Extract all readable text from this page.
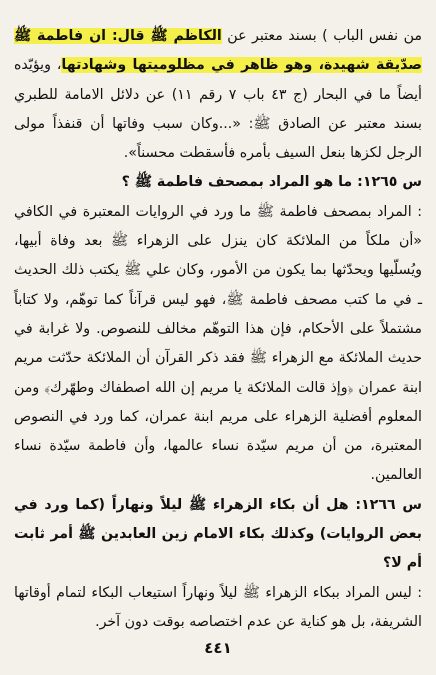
من نفس الباب ) بسند معتبر عن الكاظم ﷺ قال: ان فاطمة ﷺ صدّيقة شهيدة، وهو ظاهر في مظلوميتها وشهادتها، ويؤيّده أيضاً ما في البحار (ج ٤٣ باب ٧ رقم ١١) عن دلائل الامامة للطبري بسند معتبر عن الصادق ﷺ: «...وكان سبب وفاتها أن قنفذاً مولى الرجل لكزها بنعل السيف بأمره فأسقطت محسناً».

س ١٢٦٥: ما هو المراد بمصحف فاطمة ﷺ ؟

: المراد بمصحف فاطمة ﷺ ما ورد في الروايات المعتبرة في الكافي «أن ملكاً من الملائكة كان ينزل على الزهراء ﷺ بعد وفاة أبيها، ويُسلّيها ويحدّثها بما يكون من الأمور، وكان علي ﷺ يكتب ذلك الحديث ـ في ما كتب مصحف فاطمة ﷺ، فهو ليس قرآناً كما توهّم، ولا كتاباً مشتملاً على الأحكام، فإن هذا التوهّم مخالف للنصوص. ولا غرابة في حديث الملائكة مع الزهراء ﷺ فقد ذكر القرآن أن الملائكة حدّثت مريم ابنة عمران ﴿وإذ قالت الملائكة يا مريم إن الله اصطفاك وطهّرك﴾ ومن المعلوم أفضلية الزهراء على مريم ابنة عمران، كما ورد في النصوص المعتبرة، من أن مريم سيّدة نساء عالمها، وأن فاطمة سيّدة نساء العالمين.

س ١٢٦٦: هل أن بكاء الزهراء ﷺ ليلاً ونهاراً (كما ورد في بعض الروايات) وكذلك بكاء الامام زين العابدين ﷺ أمر ثابت أم لا؟

: ليس المراد ببكاء الزهراء ﷺ ليلاً ونهاراً استيعاب البكاء لتمام أوقاتها الشريفة، بل هو كناية عن عدم اختصاصه بوقت دون آخر.

٤٤١
